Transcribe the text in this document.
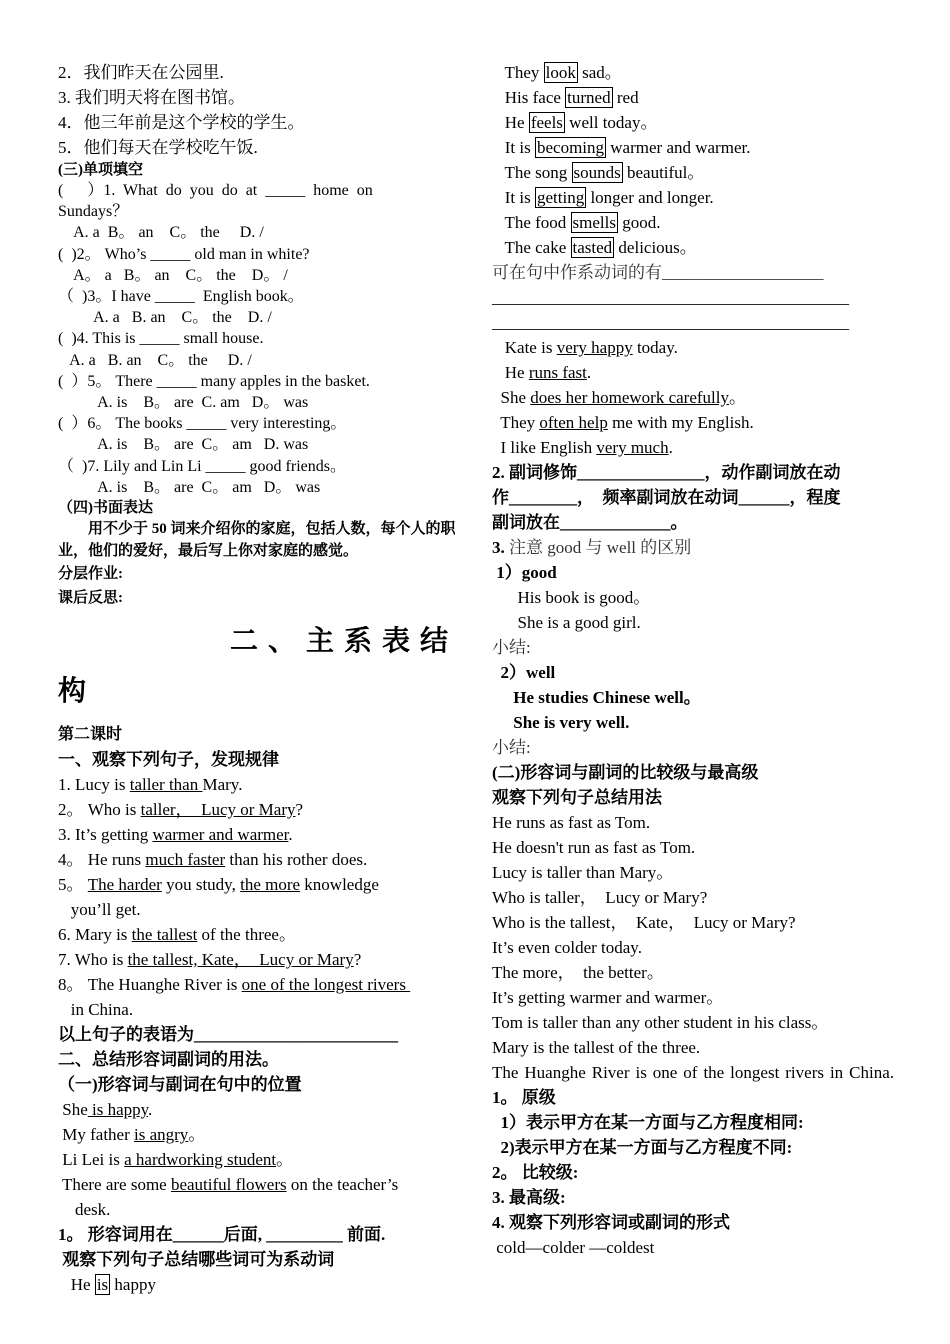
2．我们昨天在公园里.
3. 我们明天将在图书馆。
4．他三年前是这个学校的学生。
5．他们每天在学校吃午饭.
(三)单项填空
(      ）1.  What  do  you  do  at  _____  home  on
Sundays？
A. a  B。 an    C。 the     D. /
(  )2。 Who’s _____ old man in white?
A。 a   B。 an    C。 the    D。 /
（  )3。I have _____  English book。
A. a   B. an    C。 the    D. /
(  )4. This is _____ small house.
A. a   B. an    C。 the     D. /
(  ）5。 There _____ many apples in the basket.
A. is    B。 are  C. am   D。 was
(  ）6。 The books _____ very interesting。
A. is    B。 are  C。 am   D. was
（  )7. Lily and Lin Li _____ good friends。
A. is    B。 are  C。 am   D。 was
（四)书面表达
用不少于 50 词来介绍你的家庭，包括人数，每个人的职业，他们的爱好，最后写上你对家庭的感觉。
分层作业:
课后反思:
二、主系表结
构
第二课时
一、观察下列句子，发现规律
1. Lucy is taller than Mary.
2。 Who is taller， Lucy or Mary?
3. It’s getting warmer and warmer.
4。 He runs much faster than his rother does.
5。 The harder you study, the more knowledge
you’ll get.
6. Mary is the tallest of the three。
7. Who is the tallest, Kate， Lucy or Mary?
8。 The Huanghe River is one of the longest rivers
in China.
以上句子的表语为________________________
二、总结形容词副词的用法。
（一)形容词与副词在句中的位置
She is happy.
My father is angry。
Li Lei is a hardworking student。
There are some beautiful flowers on the teacher’s
desk.
1。 形容词用在______后面, _________ 前面.
观察下列句子总结哪些词可为系动词
He is happy
They look sad。
His face turned red
He feels well today。
It is becoming warmer and warmer.
The song sounds beautiful。
It is getting longer and longer.
The food smells good.
The cake tasted delicious。
可在句中作系动词的有___________________
__________________________________________
__________________________________________
Kate is very happy today.
He runs fast.
She does her homework carefully。
They often help me with my English.
I like English very much.
2. 副词修饰_______________，动作副词放在动
作________，  频率副词放在动词______，程度
副词放在_____________。
3. 注意 good 与 well 的区别
1）good
His book is good。
She is a good girl.
小结:
2）well
He studies Chinese well。
She is very well.
小结:
(二)形容词与副词的比较级与最高级
观察下列句子总结用法
He runs as fast as Tom.
He doesn't run as fast as Tom.
Lucy is taller than Mary。
Who is taller，  Lucy or Mary?
Who is the tallest，  Kate，  Lucy or Mary?
It’s even colder today.
The more，  the better。
It’s getting warmer and warmer。
Tom is taller than any other student in his class。
Mary is the tallest of the three.
The Huanghe River is one of the longest rivers in China.
1。 原级
1）表示甲方在某一方面与乙方程度相同:
2)表示甲方在某一方面与乙方程度不同:
2。 比较级:
3. 最高级:
4. 观察下列形容词或副词的形式
cold—colder —coldest
